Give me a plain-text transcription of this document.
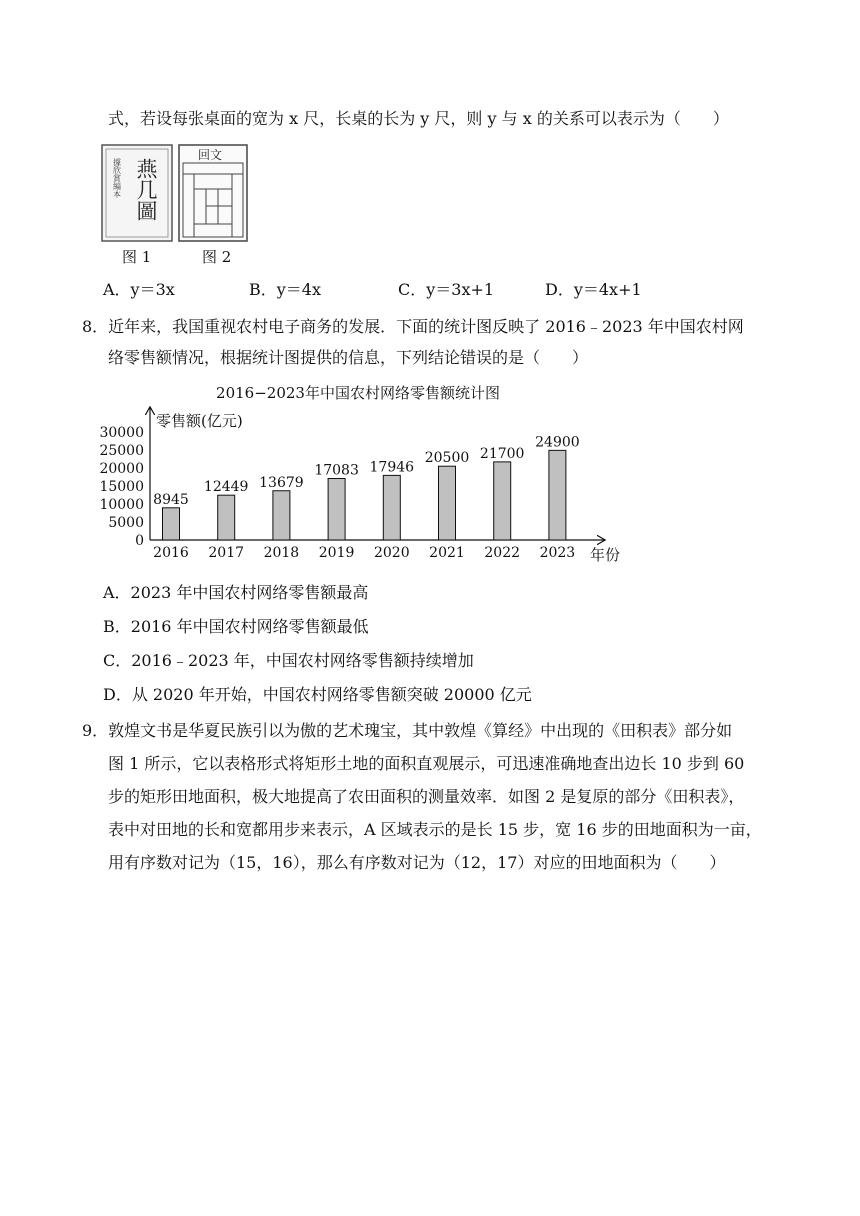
式，若设每张桌面的宽为 x 尺，长桌的长为 y 尺，则 y 与 x 的关系可以表示为（　　）
據欣賞編本 燕几圖
图 1
回文
图 2
A．y＝3x	B．y＝4x	C．y＝3x+1	D．y＝4x+1
8．近年来，我国重视农村电子商务的发展．下面的统计图反映了 2016﹣2023 年中国农村网
络零售额情况，根据统计图提供的信息，下列结论错误的是（　　）
2016−2023年中国农村网络零售额统计图
零售额(亿元)
年份
0
5000
10000
15000
20000
25000
30000
8945
2016
12449
2017
13679
2018
17083
2019
17946
2020
20500
2021
21700
2022
24900
2023
A．2023 年中国农村网络零售额最高
B．2016 年中国农村网络零售额最低
C．2016﹣2023 年，中国农村网络零售额持续增加
D．从 2020 年开始，中国农村网络零售额突破 20000 亿元
9．敦煌文书是华夏民族引以为傲的艺术瑰宝，其中敦煌《算经》中出现的《田积表》部分如
图 1 所示，它以表格形式将矩形土地的面积直观展示，可迅速准确地查出边长 10 步到 60
步的矩形田地面积，极大地提高了农田面积的测量效率．如图 2 是复原的部分《田积表》，
表中对田地的长和宽都用步来表示，A 区域表示的是长 15 步，宽 16 步的田地面积为一亩，
用有序数对记为（15，16），那么有序数对记为（12，17）对应的田地面积为（　　）
